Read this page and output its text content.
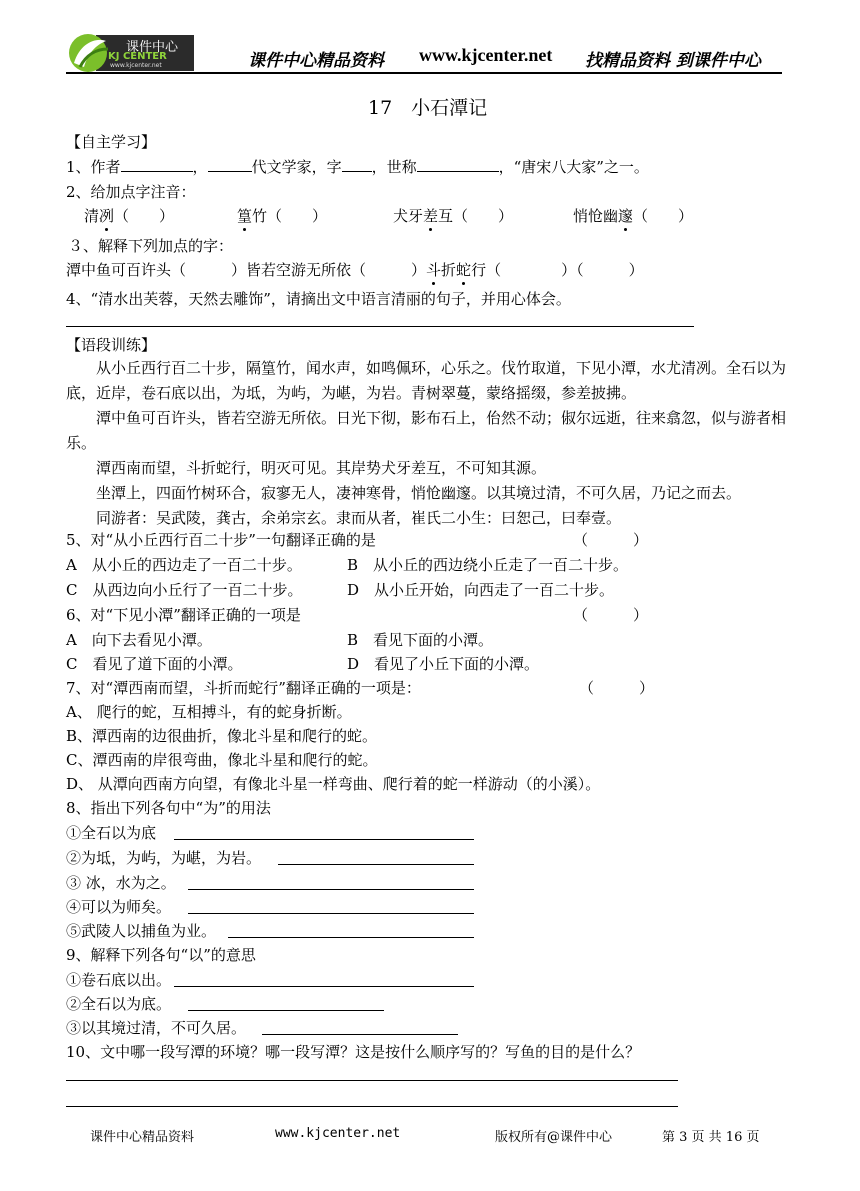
课件中心
KJ CENTER
www.kjcenter.net	课件中心精品资料 www.kjcenter.net 找精品资料 到课件中心
17　小石潭记
【自主学习】
1、作者	，	代文学家，字 ，世称	，“唐宋八大家”之一。
2、给加点字注音：
清冽（　　）	篁竹（　　）	犬牙差互（　　）	悄怆幽邃（　　）
３、解释下列加点的字：
潭中鱼可百许头（　　　）皆若空游无所依（　　　）斗折蛇行（　　　　）（　　　）
4、“清水出芙蓉，天然去雕饰”，请摘出文中语言清丽的句子，并用心体会。
【语段训练】
从小丘西行百二十步，隔篁竹，闻水声，如鸣佩环，心乐之。伐竹取道，下见小潭，水尤清冽。全石以为底，近岸，卷石底以出，为坻，为屿，为嵁，为岩。青树翠蔓，蒙络摇缀，参差披拂。
潭中鱼可百许头，皆若空游无所依。日光下彻，影布石上，佁然不动；俶尔远逝，往来翕忽，似与游者相乐。
潭西南而望，斗折蛇行，明灭可见。其岸势犬牙差互，不可知其源。
坐潭上，四面竹树环合，寂寥无人，凄神寒骨，悄怆幽邃。以其境过清，不可久居，乃记之而去。
同游者：吴武陵，龚古，余弟宗玄。隶而从者，崔氏二小生：曰恕己，曰奉壹。
5、对“从小丘西行百二十步”一句翻译正确的是	（　　　）
A　从小丘的西边走了一百二十步。	B　从小丘的西边绕小丘走了一百二十步。
C　从西边向小丘行了一百二十步。	D　从小丘开始，向西走了一百二十步。
6、对“下见小潭”翻译正确的一项是	（　　　）
A　向下去看见小潭。	B　看见下面的小潭。
C　看见了道下面的小潭。	D　看见了小丘下面的小潭。
7、对“潭西南而望，斗折而蛇行”翻译正确的一项是：	（　　　）
A、 爬行的蛇，互相搏斗，有的蛇身折断。
B、潭西南的边很曲折，像北斗星和爬行的蛇。
C、潭西南的岸很弯曲，像北斗星和爬行的蛇。
D、 从潭向西南方向望，有像北斗星一样弯曲、爬行着的蛇一样游动（的小溪）。
8、指出下列各句中“为”的用法
①全石以为底
②为坻，为屿，为嵁，为岩。
③ 冰，水为之。
④可以为师矣。
⑤武陵人以捕鱼为业。
9、解释下列各句“以”的意思
①卷石底以出。
②全石以为底。
③以其境过清，不可久居。
10、文中哪一段写潭的环境？哪一段写潭？这是按什么顺序写的？写鱼的目的是什么？
课件中心精品资料	www.kjcenter.net	版权所有@课件中心	第 3 页 共 16 页
